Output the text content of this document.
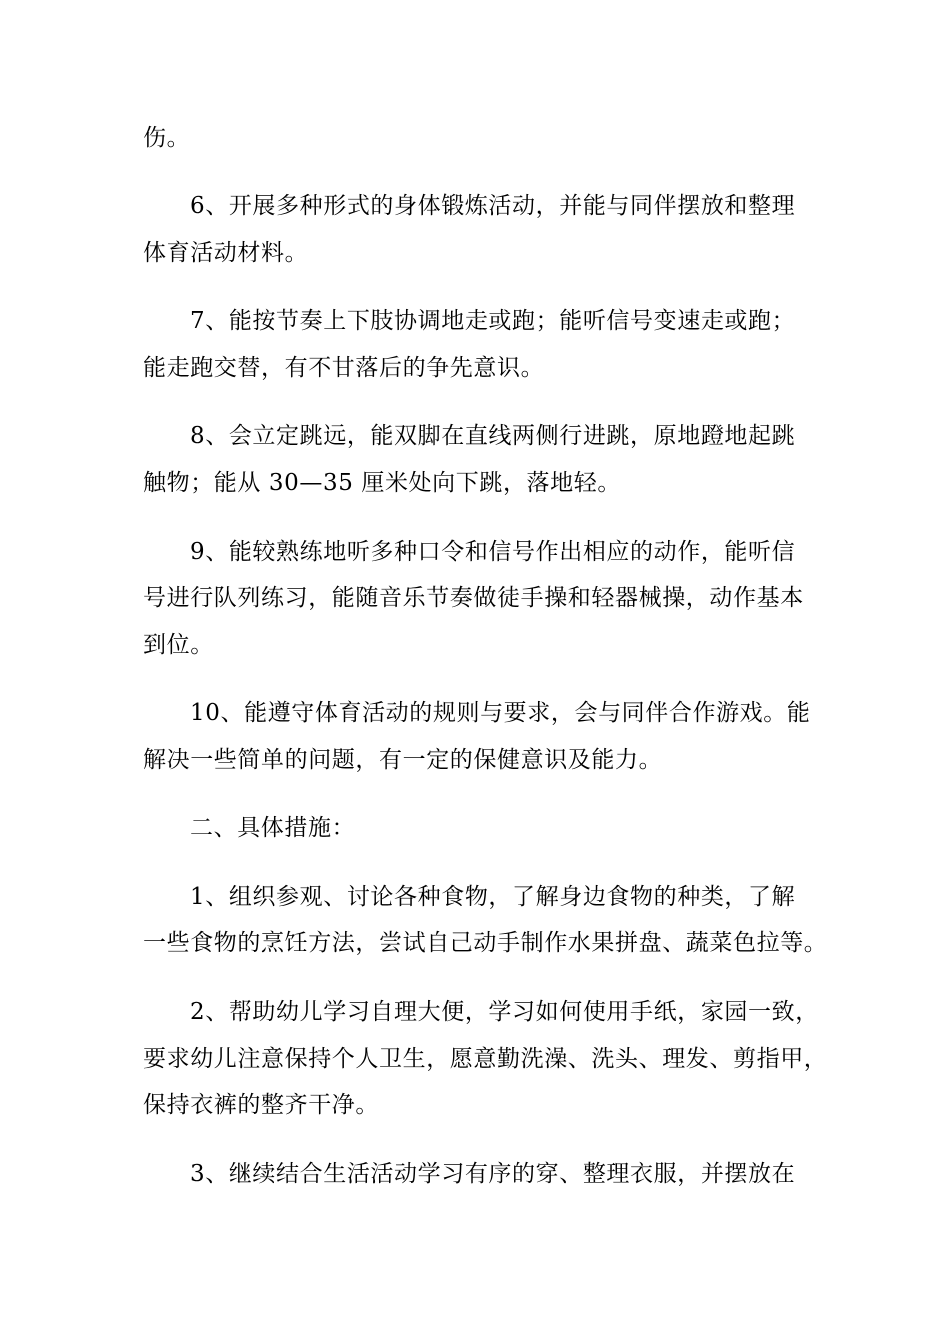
伤。
6、开展多种形式的身体锻炼活动，并能与同伴摆放和整理
体育活动材料。
7、能按节奏上下肢协调地走或跑；能听信号变速走或跑；
能走跑交替，有不甘落后的争先意识。
8、会立定跳远，能双脚在直线两侧行进跳，原地蹬地起跳
触物；能从 30—35 厘米处向下跳，落地轻。
9、能较熟练地听多种口令和信号作出相应的动作，能听信
号进行队列练习，能随音乐节奏做徒手操和轻器械操，动作基本
到位。
10、能遵守体育活动的规则与要求，会与同伴合作游戏。能
解决一些简单的问题，有一定的保健意识及能力。
二、具体措施：
1、组织参观、讨论各种食物，了解身边食物的种类，了解
一些食物的烹饪方法，尝试自己动手制作水果拼盘、蔬菜色拉等。
2、帮助幼儿学习自理大便，学习如何使用手纸，家园一致，
要求幼儿注意保持个人卫生，愿意勤洗澡、洗头、理发、剪指甲，
保持衣裤的整齐干净。
3、继续结合生活活动学习有序的穿、整理衣服，并摆放在
